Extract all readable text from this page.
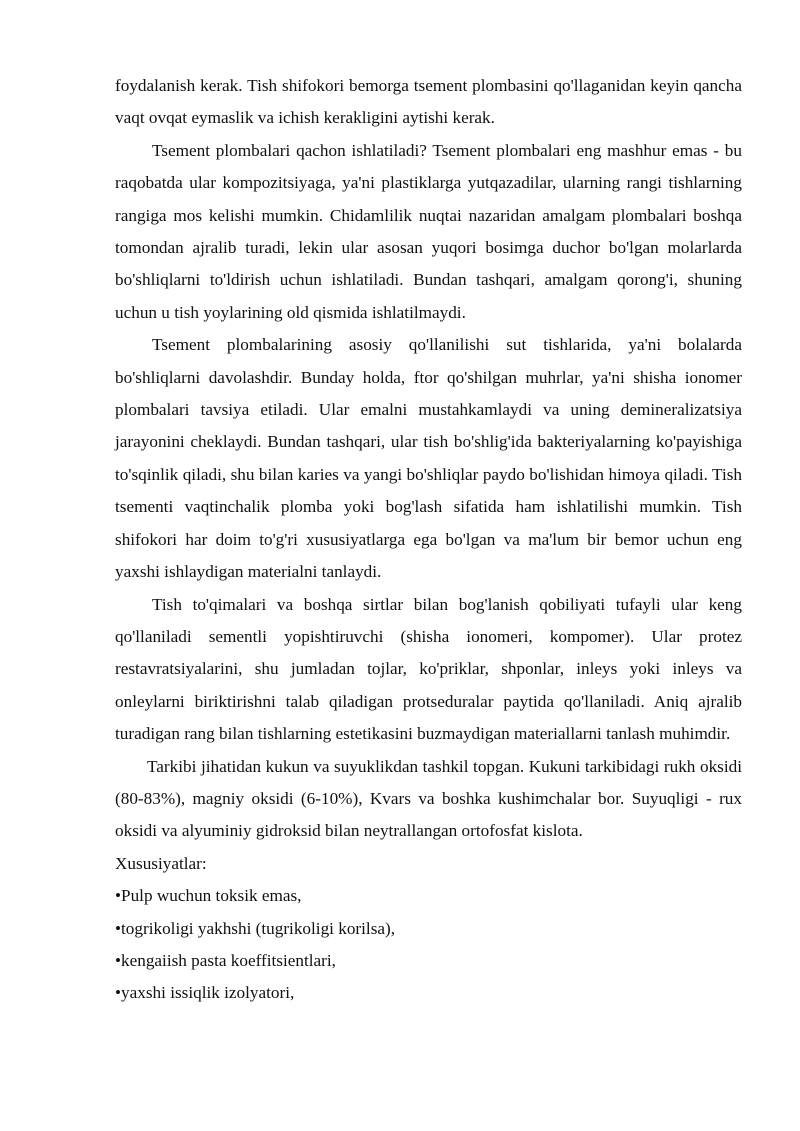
foydalanish kerak. Tish shifokori bemorga tsement plombasini qo'llaganidan keyin qancha vaqt ovqat eymaslik va ichish kerakligini aytishi kerak.

Tsement plombalari qachon ishlatiladi? Tsement plombalari eng mashhur emas - bu raqobatda ular kompozitsiyaga, ya'ni plastiklarga yutqazadilar, ularning rangi tishlarning rangiga mos kelishi mumkin. Chidamlilik nuqtai nazaridan amalgam plombalari boshqa tomondan ajralib turadi, lekin ular asosan yuqori bosimga duchor bo'lgan molarlarda bo'shliqlarni to'ldirish uchun ishlatiladi. Bundan tashqari, amalgam qorong'i, shuning uchun u tish yoylarining old qismida ishlatilmaydi.

Tsement plombalarining asosiy qo'llanilishi sut tishlarida, ya'ni bolalarda bo'shliqlarni davolashdir. Bunday holda, ftor qo'shilgan muhrlar, ya'ni shisha ionomer plombalari tavsiya etiladi. Ular emalni mustahkamlaydi va uning demineralizatsiya jarayonini cheklaydi. Bundan tashqari, ular tish bo'shlig'ida bakteriyalarning ko'payishiga to'sqinlik qiladi, shu bilan karies va yangi bo'shliqlar paydo bo'lishidan himoya qiladi. Tish tsementi vaqtinchalik plomba yoki bog'lash sifatida ham ishlatilishi mumkin. Tish shifokori har doim to'g'ri xususiyatlarga ega bo'lgan va ma'lum bir bemor uchun eng yaxshi ishlaydigan materialni tanlaydi.

Tish to'qimalari va boshqa sirtlar bilan bog'lanish qobiliyati tufayli ular keng qo'llaniladi sementli yopishtiruvchi (shisha ionomeri, kompomer). Ular protez restavratsiyalarini, shu jumladan tojlar, ko'priklar, shponlar, inleys yoki inleys va onleylarni biriktirishni talab qiladigan protseduralar paytida qo'llaniladi. Aniq ajralib turadigan rang bilan tishlarning estetikasini buzmaydigan materiallarni tanlash muhimdir.

Tarkibi jihatidan kukun va suyuklikdan tashkil topgan. Kukuni tarkibidagi rukh oksidi (80-83%), magniy oksidi (6-10%), Kvars va boshka kushimchalar bor. Suyuqligi - rux oksidi va alyuminiy gidroksid bilan neytrallangan ortofosfat kislota.

Xususiyatlar:

•Pulp wuchun toksik emas,

•togrikoligi yakhshi (tugrikoligi korilsa),

•kengaiish pasta koeffitsientlari,

•yaxshi issiqlik izolyatori,
